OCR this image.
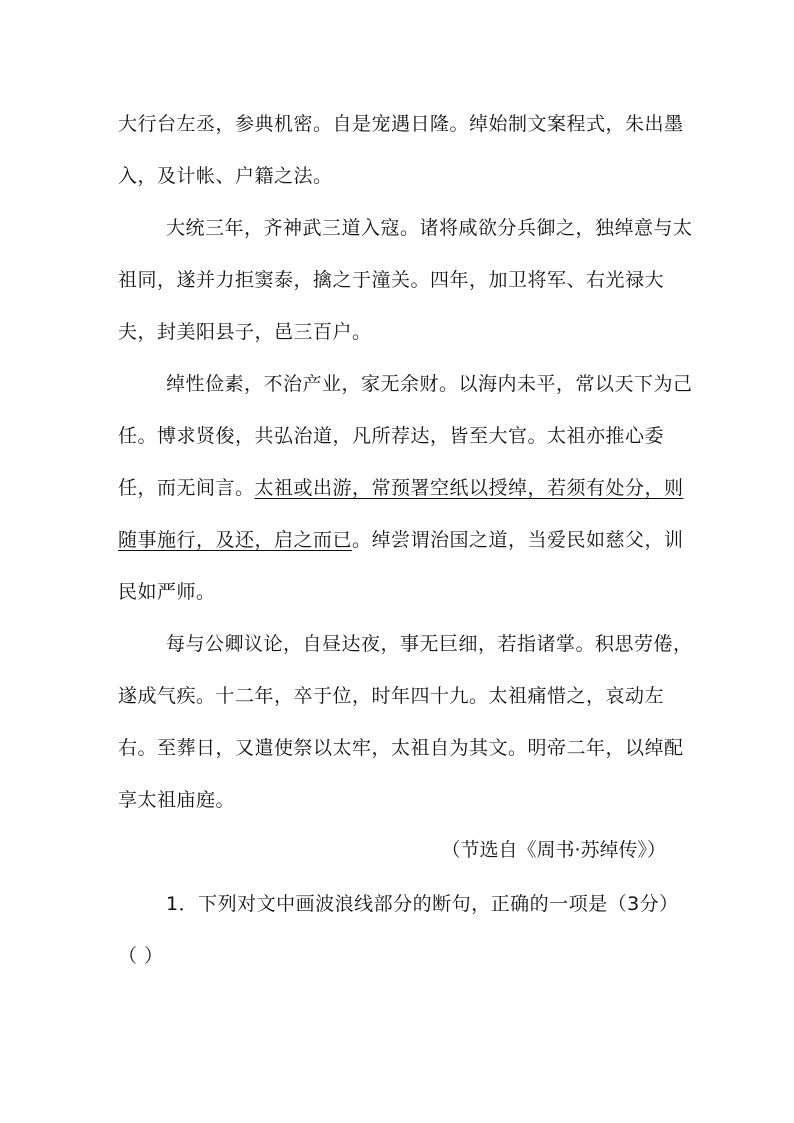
大行台左丞，参典机密。自是宠遇日隆。绰始制文案程式，朱出墨
入，及计帐、户籍之法。
大统三年，齐神武三道入寇。诸将咸欲分兵御之，独绰意与太
祖同，遂并力拒窦泰，擒之于潼关。四年，加卫将军、右光禄大
夫，封美阳县子，邑三百户。
绰性俭素，不治产业，家无余财。以海内未平，常以天下为己
任。博求贤俊，共弘治道，凡所荐达，皆至大官。太祖亦推心委
任，而无间言。太祖或出游，常预署空纸以授绰，若须有处分，则
随事施行，及还，启之而已。绰尝谓治国之道，当爱民如慈父，训
民如严师。
每与公卿议论，自昼达夜，事无巨细，若指诸掌。积思劳倦，
遂成气疾。十二年，卒于位，时年四十九。太祖痛惜之，哀动左
右。至葬日，又遣使祭以太牢，太祖自为其文。明帝二年，以绰配
享太祖庙庭。
（节选自《周书·苏绰传》）
1．下列对文中画波浪线部分的断句，正确的一项是（3分）
（ ）
